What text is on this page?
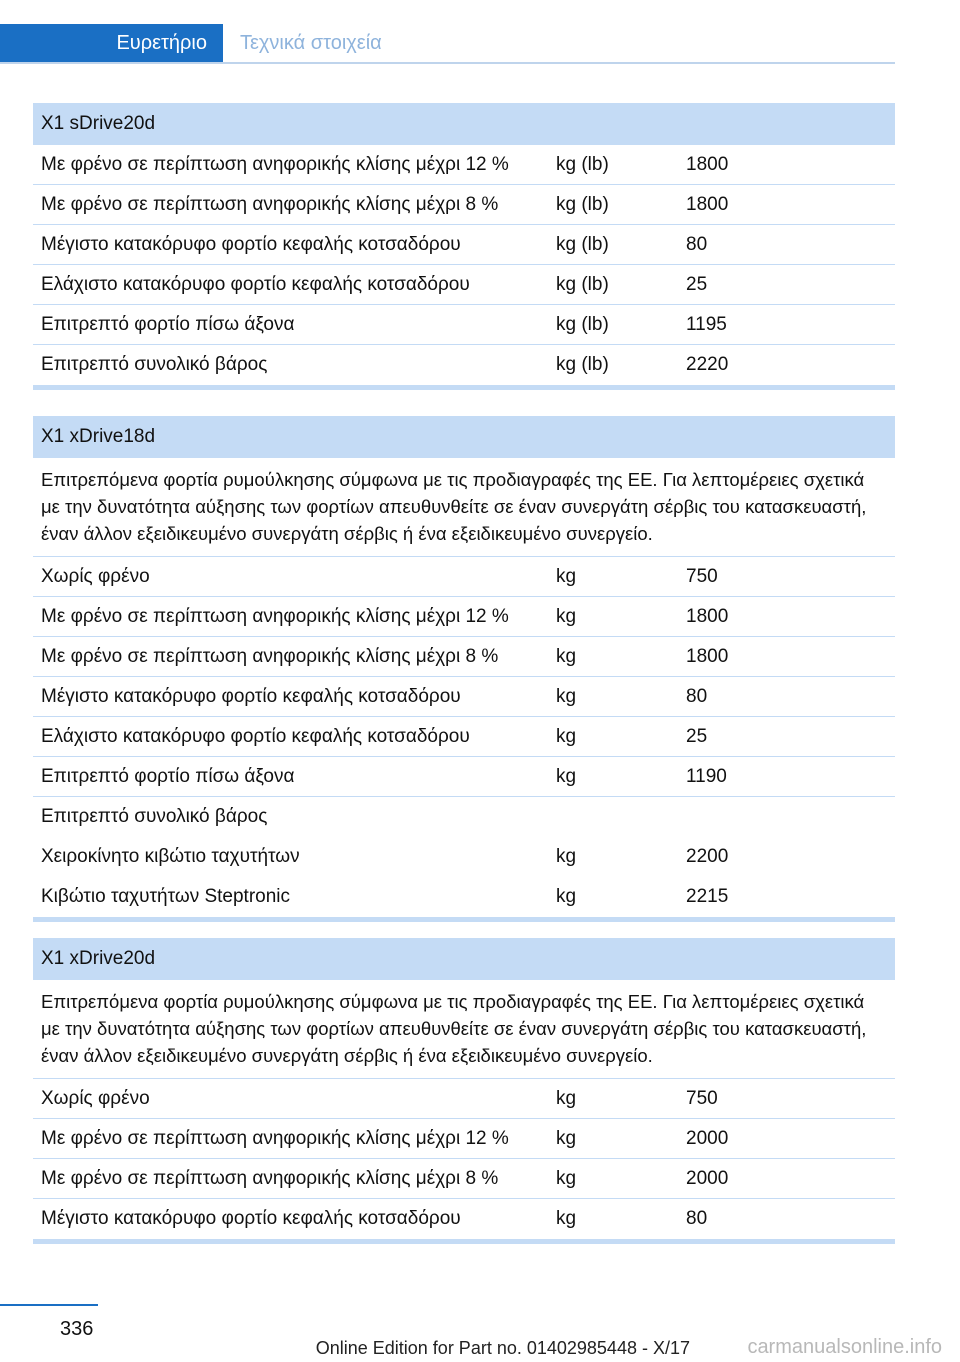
Ευρετήριο Τεχνικά στοιχεία
X1 sDrive20d
Με φρένο σε περίπτωση ανηφορικής κλίσης μέχρι 12 %	kg (lb)	1800
Με φρένο σε περίπτωση ανηφορικής κλίσης μέχρι 8 %	kg (lb)	1800
Μέγιστο κατακόρυφο φορτίο κεφαλής κοτσαδόρου	kg (lb)	80
Ελάχιστο κατακόρυφο φορτίο κεφαλής κοτσαδόρου	kg (lb)	25
Επιτρεπτό φορτίο πίσω άξονα	kg (lb)	1195
Επιτρεπτό συνολικό βάρος	kg (lb)	2220
X1 xDrive18d
Επιτρεπόμενα φορτία ρυμούλκησης σύμφωνα με τις προδιαγραφές της ΕΕ. Για λεπτομέρειες σχετικά με την δυνατότητα αύξησης των φορτίων απευθυνθείτε σε έναν συνεργάτη σέρβις του κατασκευαστή, έναν άλλον εξειδικευμένο συνεργάτη σέρβις ή ένα εξειδικευμένο συνεργείο.
Χωρίς φρένο	kg	750
Με φρένο σε περίπτωση ανηφορικής κλίσης μέχρι 12 %	kg	1800
Με φρένο σε περίπτωση ανηφορικής κλίσης μέχρι 8 %	kg	1800
Μέγιστο κατακόρυφο φορτίο κεφαλής κοτσαδόρου	kg	80
Ελάχιστο κατακόρυφο φορτίο κεφαλής κοτσαδόρου	kg	25
Επιτρεπτό φορτίο πίσω άξονα	kg	1190
Επιτρεπτό συνολικό βάρος
Χειροκίνητο κιβώτιο ταχυτήτων	kg	2200
Κιβώτιο ταχυτήτων Steptronic	kg	2215
X1 xDrive20d
Επιτρεπόμενα φορτία ρυμούλκησης σύμφωνα με τις προδιαγραφές της ΕΕ. Για λεπτομέρειες σχετικά με την δυνατότητα αύξησης των φορτίων απευθυνθείτε σε έναν συνεργάτη σέρβις του κατασκευαστή, έναν άλλον εξειδικευμένο συνεργάτη σέρβις ή ένα εξειδικευμένο συνεργείο.
Χωρίς φρένο	kg	750
Με φρένο σε περίπτωση ανηφορικής κλίσης μέχρι 12 %	kg	2000
Με φρένο σε περίπτωση ανηφορικής κλίσης μέχρι 8 %	kg	2000
Μέγιστο κατακόρυφο φορτίο κεφαλής κοτσαδόρου	kg	80
336
Online Edition for Part no. 01402985448 - X/17	carmanualsonline.info
